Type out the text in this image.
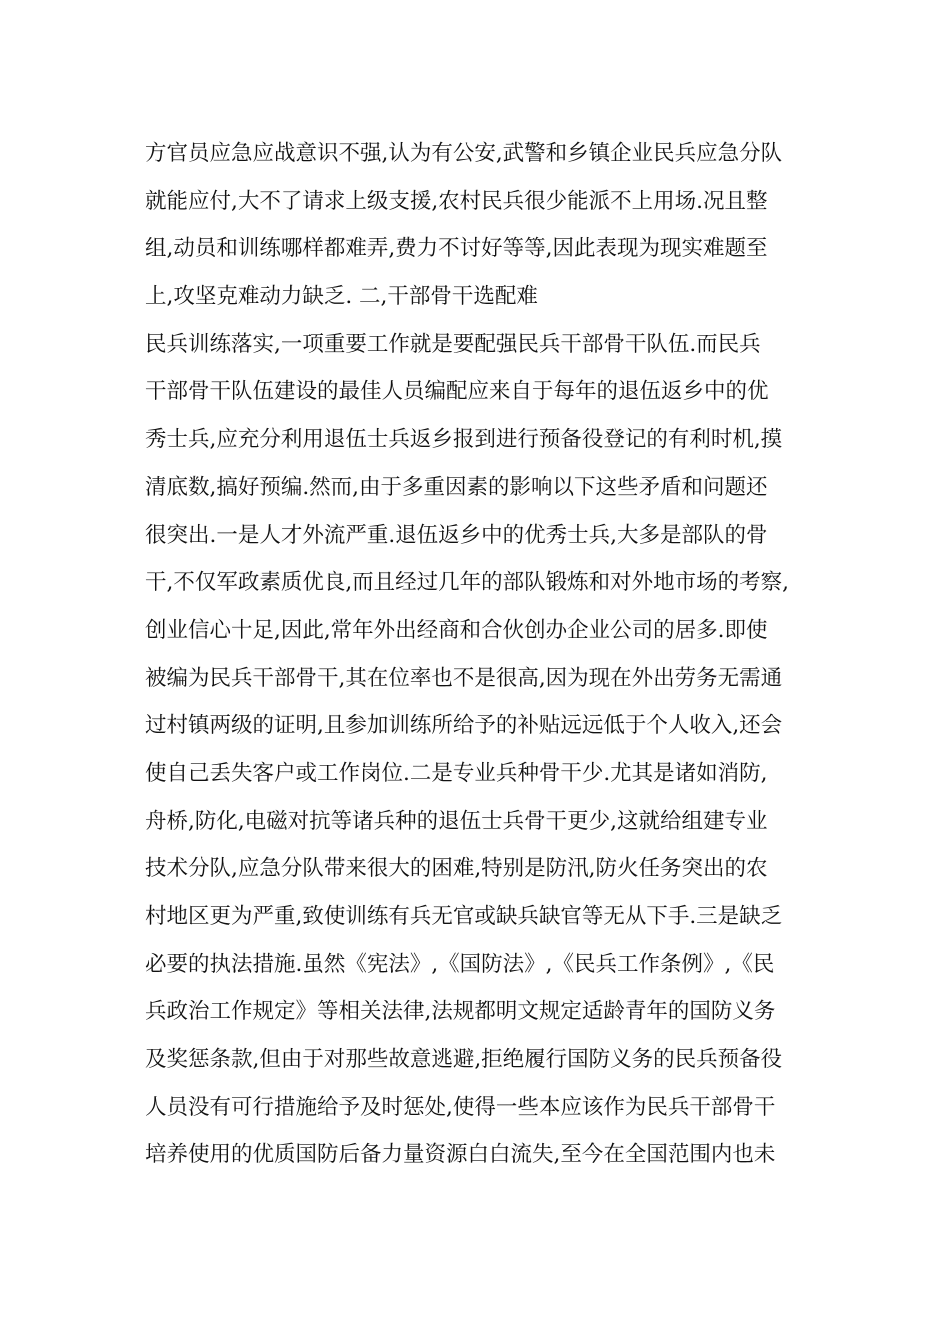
方官员应急应战意识不强,认为有公安,武警和乡镇企业民兵应急分队
就能应付,大不了请求上级支援,农村民兵很少能派不上用场.况且整
组,动员和训练哪样都难弄,费力不讨好等等,因此表现为现实难题至
上,攻坚克难动力缺乏. 二,干部骨干选配难
民兵训练落实,一项重要工作就是要配强民兵干部骨干队伍.而民兵
干部骨干队伍建设的最佳人员编配应来自于每年的退伍返乡中的优
秀士兵,应充分利用退伍士兵返乡报到进行预备役登记的有利时机,摸
清底数,搞好预编.然而,由于多重因素的影响以下这些矛盾和问题还
很突出.一是人才外流严重.退伍返乡中的优秀士兵,大多是部队的骨
干,不仅军政素质优良,而且经过几年的部队锻炼和对外地市场的考察,
创业信心十足,因此,常年外出经商和合伙创办企业公司的居多.即使
被编为民兵干部骨干,其在位率也不是很高,因为现在外出劳务无需通
过村镇两级的证明,且参加训练所给予的补贴远远低于个人收入,还会
使自己丢失客户或工作岗位.二是专业兵种骨干少.尤其是诸如消防,
舟桥,防化,电磁对抗等诸兵种的退伍士兵骨干更少,这就给组建专业
技术分队,应急分队带来很大的困难,特别是防汛,防火任务突出的农
村地区更为严重,致使训练有兵无官或缺兵缺官等无从下手.三是缺乏
必要的执法措施.虽然《宪法》,《国防法》,《民兵工作条例》,《民
兵政治工作规定》等相关法律,法规都明文规定适龄青年的国防义务
及奖惩条款,但由于对那些故意逃避,拒绝履行国防义务的民兵预备役
人员没有可行措施给予及时惩处,使得一些本应该作为民兵干部骨干
培养使用的优质国防后备力量资源白白流失,至今在全国范围内也未
